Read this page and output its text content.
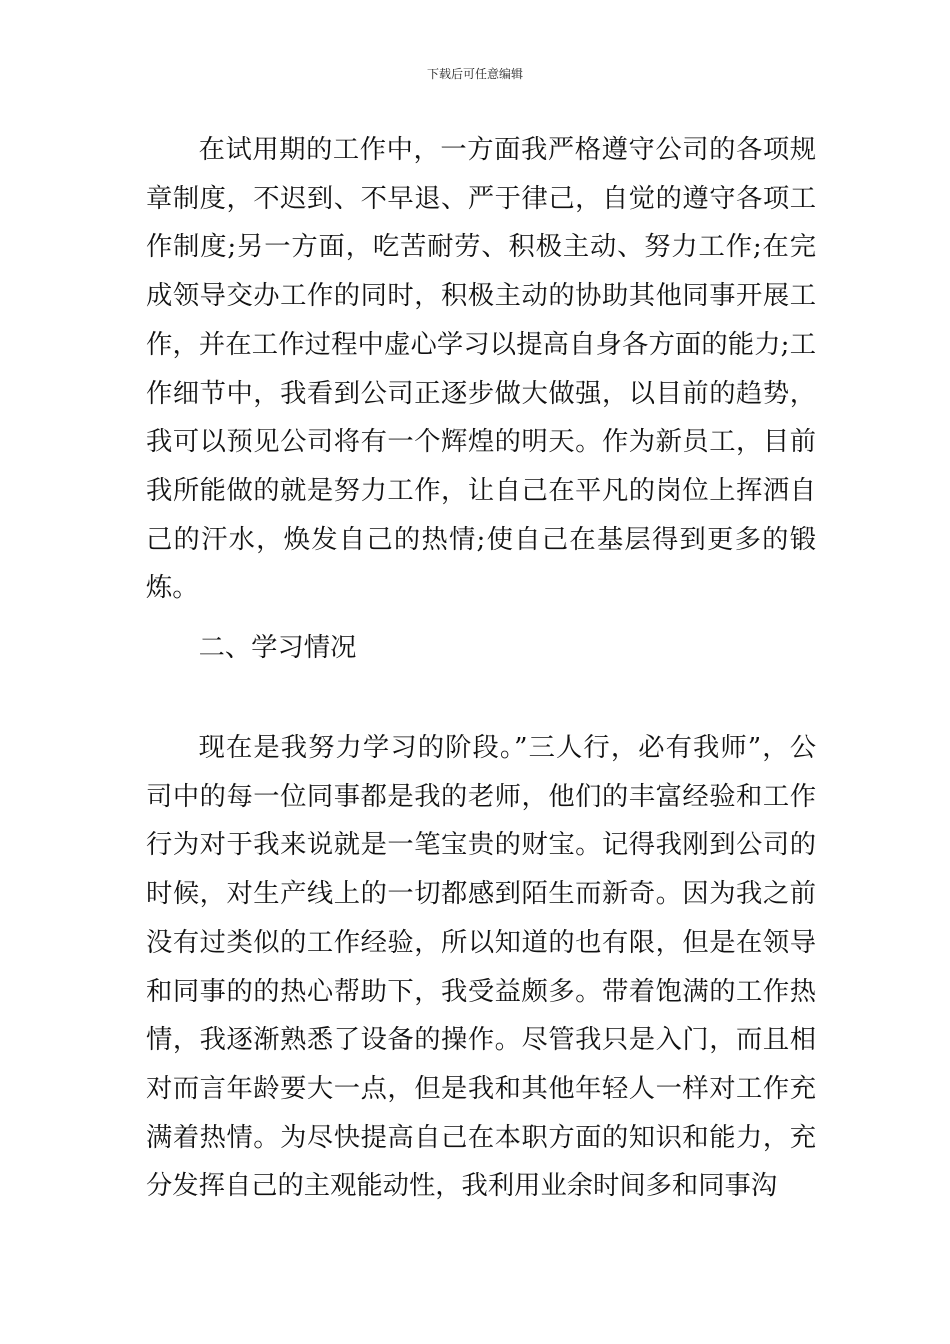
下载后可任意编辑

在试用期的工作中，一方面我严格遵守公司的各项规章制度，不迟到、不早退、严于律己，自觉的遵守各项工作制度;另一方面，吃苦耐劳、积极主动、努力工作;在完成领导交办工作的同时，积极主动的协助其他同事开展工作，并在工作过程中虚心学习以提高自身各方面的能力;工作细节中，我看到公司正逐步做大做强，以目前的趋势，我可以预见公司将有一个辉煌的明天。作为新员工，目前我所能做的就是努力工作，让自己在平凡的岗位上挥洒自己的汗水，焕发自己的热情;使自己在基层得到更多的锻炼。

二、学习情况

现在是我努力学习的阶段。”三人行，必有我师”，公司中的每一位同事都是我的老师，他们的丰富经验和工作行为对于我来说就是一笔宝贵的财宝。记得我刚到公司的时候，对生产线上的一切都感到陌生而新奇。因为我之前没有过类似的工作经验，所以知道的也有限，但是在领导和同事的的热心帮助下，我受益颇多。带着饱满的工作热情，我逐渐熟悉了设备的操作。尽管我只是入门，而且相对而言年龄要大一点，但是我和其他年轻人一样对工作充满着热情。为尽快提高自己在本职方面的知识和能力，充分发挥自己的主观能动性，我利用业余时间多和同事沟
